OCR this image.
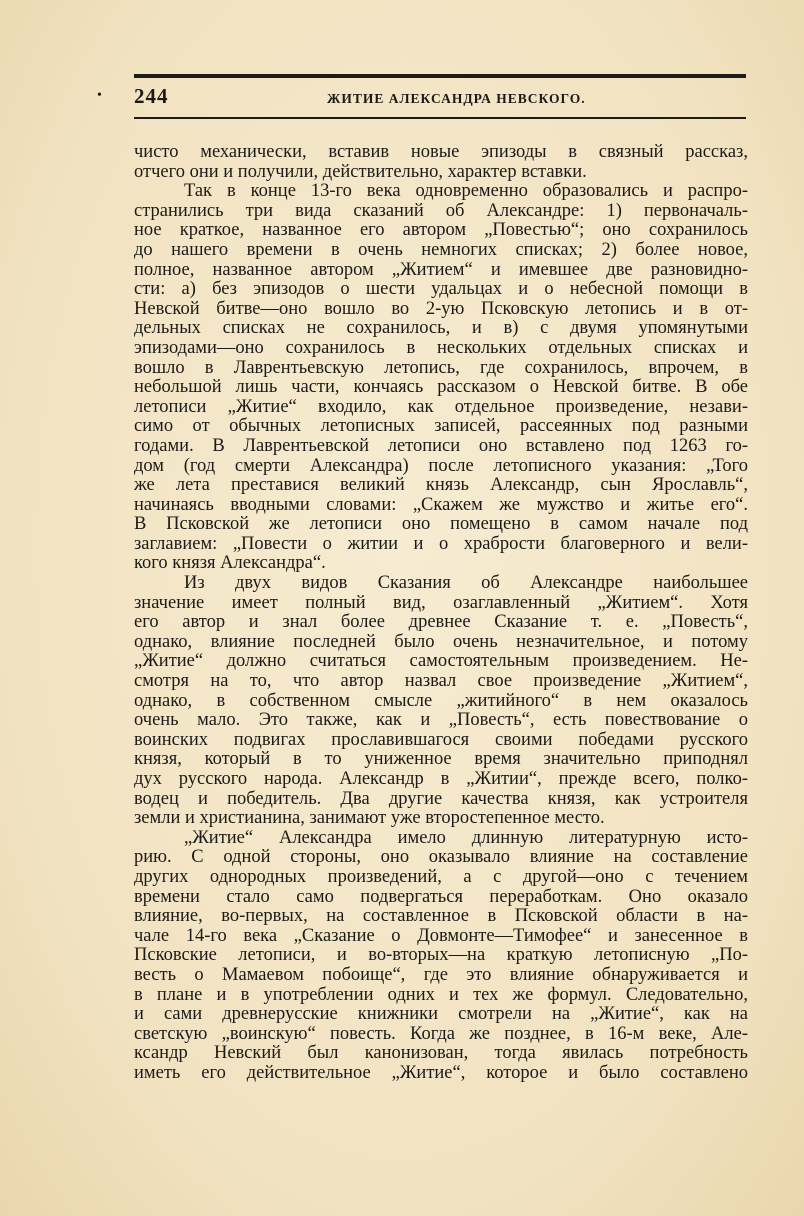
• 244	ЖИТИЕ АЛЕКСАНДРА НЕВСКОГО.
чисто механически, вставив новые эпизоды в связный рассказ,
отчего они и получили, действительно, характер вставки.
Так в конце 13-го века одновременно образовались и распро-
странились три вида сказаний об Александре: 1) первоначаль-
ное краткое, названное его автором „Повестью“; оно сохранилось
до нашего времени в очень немногих списках; 2) более новое,
полное, названное автором „Житием“ и имевшее две разновидно-
сти: а) без эпизодов о шести удальцах и о небесной помощи в
Невской битве—оно вошло во 2-ую Псковскую летопись и в от-
дельных списках не сохранилось, и в) с двумя упомянутыми
эпизодами—оно сохранилось в нескольких отдельных списках и
вошло в Лаврентьевскую летопись, где сохранилось, впрочем, в
небольшой лишь части, кончаясь рассказом о Невской битве. В обе
летописи „Житие“ входило, как отдельное произведение, незави-
симо от обычных летописных записей, рассеянных под разными
годами. В Лаврентьевской летописи оно вставлено под 1263 го-
дом (год смерти Александра) после летописного указания: „Того
же лета преставися великий князь Александр, сын Ярославль“,
начинаясь вводными словами: „Скажем же мужство и житье его“.
В Псковской же летописи оно помещено в самом начале под
заглавием: „Повести о житии и о храбрости благоверного и вели-
кого князя Александра“.
Из двух видов Сказания об Александре наибольшее
значение имеет полный вид, озаглавленный „Житием“. Хотя
его автор и знал более древнее Сказание т. е. „Повесть“,
однако, влияние последней было очень незначительное, и потому
„Житие“ должно считаться самостоятельным произведением. Не-
смотря на то, что автор назвал свое произведение „Житием“,
однако, в собственном смысле „житийного“ в нем оказалось
очень мало. Это также, как и „Повесть“, есть повествование о
воинских подвигах прославившагося своими победами русского
князя, который в то униженное время значительно приподнял
дух русского народа. Александр в „Житии“, прежде всего, полко-
водец и победитель. Два другие качества князя, как устроителя
земли и христианина, занимают уже второстепенное место.
„Житие“ Александра имело длинную литературную исто-
рию. С одной стороны, оно оказывало влияние на составление
других однородных произведений, а с другой—оно с течением
времени стало само подвергаться переработкам. Оно оказало
влияние, во-первых, на составленное в Псковской области в на-
чале 14-го века „Сказание о Довмонте—Тимофее“ и занесенное в
Псковские летописи, и во-вторых—на краткую летописную „По-
весть о Мамаевом побоище“, где это влияние обнаруживается и
в плане и в употреблении одних и тех же формул. Следовательно,
и сами древнерусские книжники смотрели на „Житие“, как на
светскую „воинскую“ повесть. Когда же позднее, в 16-м веке, Але-
ксандр Невский был канонизован, тогда явилась потребность
иметь его действительное „Житие“, которое и было составлено
